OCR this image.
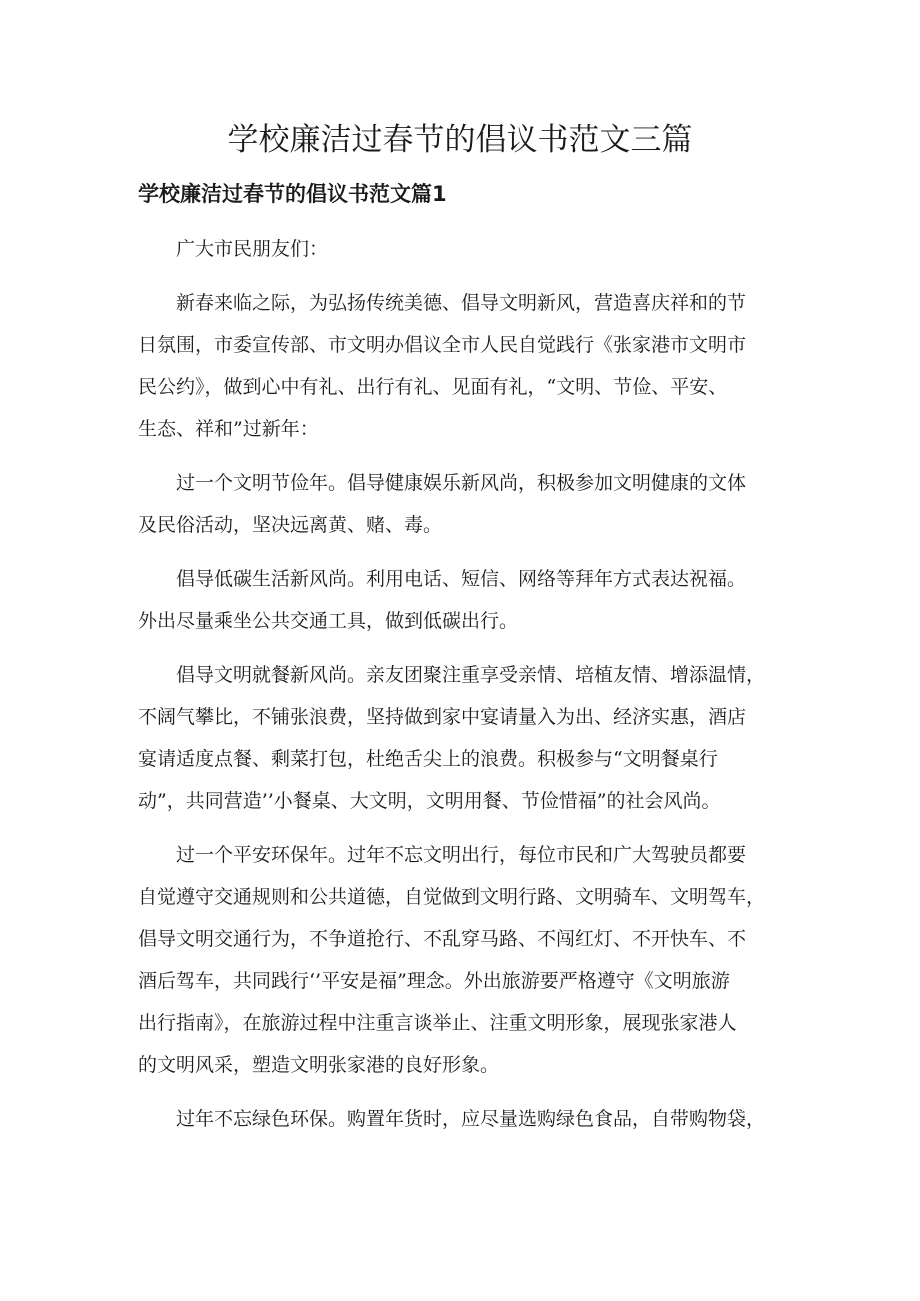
学校廉洁过春节的倡议书范文三篇
学校廉洁过春节的倡议书范文篇1

广大市民朋友们：

新春来临之际，为弘扬传统美德、倡导文明新风，营造喜庆祥和的节
日氛围，市委宣传部、市文明办倡议全市人民自觉践行《张家港市文明市
民公约》，做到心中有礼、出行有礼、见面有礼，“文明、节俭、平安、
生态、祥和”过新年：

过一个文明节俭年。倡导健康娱乐新风尚，积极参加文明健康的文体
及民俗活动，坚决远离黄、赌、毒。

倡导低碳生活新风尚。利用电话、短信、网络等拜年方式表达祝福。
外出尽量乘坐公共交通工具，做到低碳出行。

倡导文明就餐新风尚。亲友团聚注重享受亲情、培植友情、增添温情，
不阔气攀比，不铺张浪费，坚持做到家中宴请量入为出、经济实惠，酒店
宴请适度点餐、剩菜打包，杜绝舌尖上的浪费。积极参与“文明餐桌行
动”，共同营造’’小餐桌、大文明，文明用餐、节俭惜福”的社会风尚。

过一个平安环保年。过年不忘文明出行，每位市民和广大驾驶员都要
自觉遵守交通规则和公共道德，自觉做到文明行路、文明骑车、文明驾车，
倡导文明交通行为，不争道抢行、不乱穿马路、不闯红灯、不开快车、不
酒后驾车，共同践行‘’平安是福”理念。外出旅游要严格遵守《文明旅游
出行指南》，在旅游过程中注重言谈举止、注重文明形象，展现张家港人
的文明风采，塑造文明张家港的良好形象。

过年不忘绿色环保。购置年货时，应尽量选购绿色食品，自带购物袋，
